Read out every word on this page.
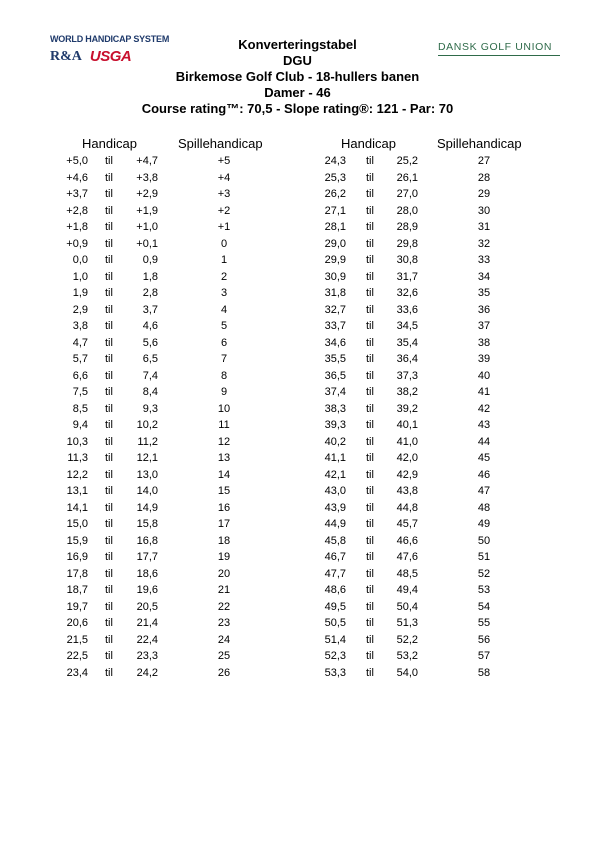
WORLD HANDICAP SYSTEM
R&A USGA
DANSK GOLF UNION
Konverteringstabel
DGU
Birkemose Golf Club - 18-hullers banen
Damer - 46
Course rating™: 70,5 - Slope rating®: 121 - Par: 70
Handicap	Spillehandicap	Handicap	Spillehandicap
+5,0 til	+4,7	+5
+4,6 til	+3,8	+4
+3,7 til	+2,9	+3
+2,8 til	+1,9	+2
+1,8 til	+1,0	+1
+0,9 til	+0,1	0
0,0 til	0,9	1
1,0 til	1,8	2
1,9 til	2,8	3
2,9 til	3,7	4
3,8 til	4,6	5
4,7 til	5,6	6
5,7 til	6,5	7
6,6 til	7,4	8
7,5 til	8,4	9
8,5 til	9,3	10
9,4 til	10,2	11
10,3 til	11,2	12
11,3 til	12,1	13
12,2 til	13,0	14
13,1 til	14,0	15
14,1 til	14,9	16
15,0 til	15,8	17
15,9 til	16,8	18
16,9 til	17,7	19
17,8 til	18,6	20
18,7 til	19,6	21
19,7 til	20,5	22
20,6 til	21,4	23
21,5 til	22,4	24
22,5 til	23,3	25
23,4 til	24,2	26
24,3 til	25,2	27
25,3 til	26,1	28
26,2 til	27,0	29
27,1 til	28,0	30
28,1 til	28,9	31
29,0 til	29,8	32
29,9 til	30,8	33
30,9 til	31,7	34
31,8 til	32,6	35
32,7 til	33,6	36
33,7 til	34,5	37
34,6 til	35,4	38
35,5 til	36,4	39
36,5 til	37,3	40
37,4 til	38,2	41
38,3 til	39,2	42
39,3 til	40,1	43
40,2 til	41,0	44
41,1 til	42,0	45
42,1 til	42,9	46
43,0 til	43,8	47
43,9 til	44,8	48
44,9 til	45,7	49
45,8 til	46,6	50
46,7 til	47,6	51
47,7 til	48,5	52
48,6 til	49,4	53
49,5 til	50,4	54
50,5 til	51,3	55
51,4 til	52,2	56
52,3 til	53,2	57
53,3 til	54,0	58
